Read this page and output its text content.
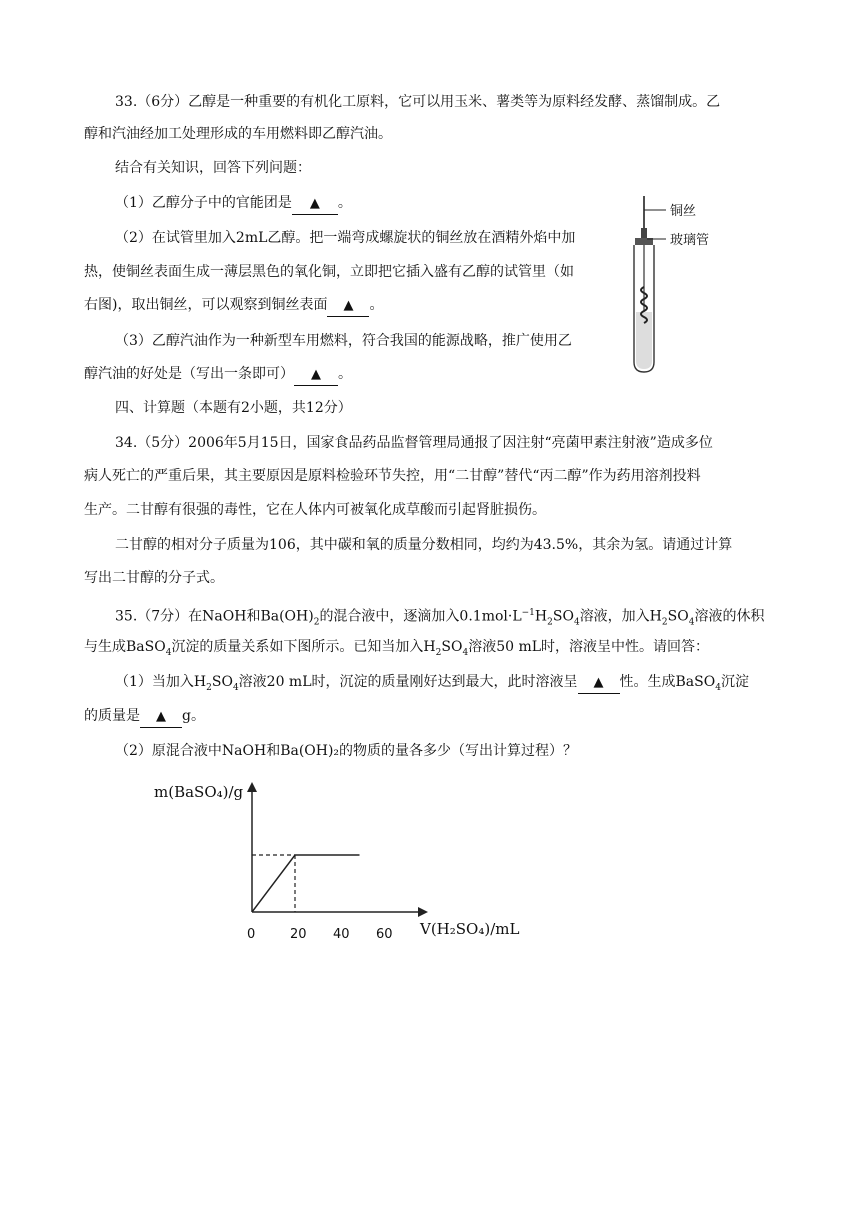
33.（6分）乙醇是一种重要的有机化工原料，它可以用玉米、薯类等为原料经发酵、蒸馏制成。乙
醇和汽油经加工处理形成的车用燃料即乙醇汽油。
结合有关知识，回答下列问题：
（1）乙醇分子中的官能团是 ▲ 。
（2）在试管里加入2mL乙醇。把一端弯成螺旋状的铜丝放在酒精外焰中加
热，使铜丝表面生成一薄层黑色的氧化铜，立即把它插入盛有乙醇的试管里（如
右图)，取出铜丝，可以观察到铜丝表面 ▲ 。
（3）乙醇汽油作为一种新型车用燃料，符合我国的能源战略，推广使用乙
醇汽油的好处是（写出一条即可） ▲ 。
铜丝
玻璃管
四、计算题（本题有2小题，共12分）
34.（5分）2006年5月15日，国家食品药品监督管理局通报了因注射“亮菌甲素注射液”造成多位
病人死亡的严重后果，其主要原因是原料检验环节失控，用“二甘醇”替代“丙二醇”作为药用溶剂投料
生产。二甘醇有很强的毒性，它在人体内可被氧化成草酸而引起肾脏损伤。
二甘醇的相对分子质量为106，其中碳和氧的质量分数相同，均约为43.5%，其余为氢。请通过计算
写出二甘醇的分子式。
35.（7分）在NaOH和$Ba(OH)_2$的混合液中，逐滴加入$0.1mol\cdot L^{-1}H_2SO_4$溶液，加入$H_2SO_4$溶液的休积
与生成BaSO$_4$沉淀的质量关系如下图所示。已知当加入$H_2SO_4$溶液50 mL时，溶液呈中性。请回答：
（1）当加入$H_2SO_4$溶液20 mL时，沉淀的质量刚好达到最大，此时溶液呈 ▲ 性。生成BaSO$_4$沉淀
的质量是 ▲ g。
（2）原混合液中NaOH和Ba(OH)₂的物质的量各多少（写出计算过程）？
m(BaSO₄)/g
0	20 40 60 V(H₂SO₄)/mL
